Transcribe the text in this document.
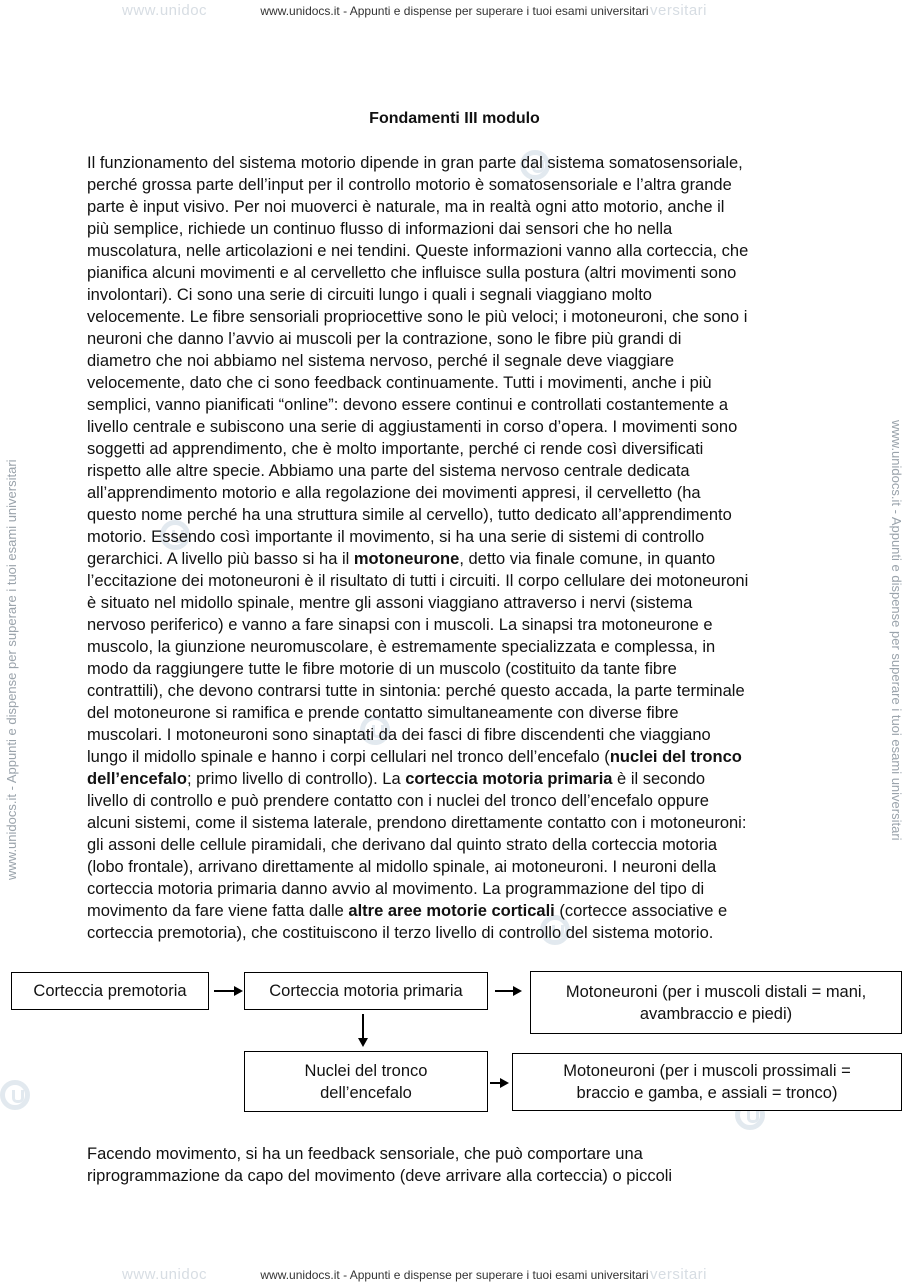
www.unidoc	www.unidocs.it - Appunti e dispense per superare i tuoi esami universitari versitari
www.unidocs.it - Appunti e dispense per superare i tuoi esami universitari	www.unidocs.it - Appunti e dispense per superare i tuoi esami universitari
Fondamenti III modulo
Il funzionamento del sistema motorio dipende in gran parte dal sistema somatosensoriale,
perché grossa parte dell’input per il controllo motorio è somatosensoriale e l’altra grande
parte è input visivo. Per noi muoverci è naturale, ma in realtà ogni atto motorio, anche il
più semplice, richiede un continuo flusso di informazioni dai sensori che ho nella
muscolatura, nelle articolazioni e nei tendini. Queste informazioni vanno alla corteccia, che
pianifica alcuni movimenti e al cervelletto che influisce sulla postura (altri movimenti sono
involontari). Ci sono una serie di circuiti lungo i quali i segnali viaggiano molto
velocemente. Le fibre sensoriali propriocettive sono le più veloci; i motoneuroni, che sono i
neuroni che danno l’avvio ai muscoli per la contrazione, sono le fibre più grandi di
diametro che noi abbiamo nel sistema nervoso, perché il segnale deve viaggiare
velocemente, dato che ci sono feedback continuamente. Tutti i movimenti, anche i più
semplici, vanno pianificati “online”: devono essere continui e controllati costantemente a
livello centrale e subiscono una serie di aggiustamenti in corso d’opera. I movimenti sono
soggetti ad apprendimento, che è molto importante, perché ci rende così diversificati
rispetto alle altre specie. Abbiamo una parte del sistema nervoso centrale dedicata
all’apprendimento motorio e alla regolazione dei movimenti appresi, il cervelletto (ha
questo nome perché ha una struttura simile al cervello), tutto dedicato all’apprendimento
motorio. Essendo così importante il movimento, si ha una serie di sistemi di controllo
gerarchici. A livello più basso si ha il motoneurone, detto via finale comune, in quanto
l’eccitazione dei motoneuroni è il risultato di tutti i circuiti. Il corpo cellulare dei motoneuroni
è situato nel midollo spinale, mentre gli assoni viaggiano attraverso i nervi (sistema
nervoso periferico) e vanno a fare sinapsi con i muscoli. La sinapsi tra motoneurone e
muscolo, la giunzione neuromuscolare, è estremamente specializzata e complessa, in
modo da raggiungere tutte le fibre motorie di un muscolo (costituito da tante fibre
contrattili), che devono contrarsi tutte in sintonia: perché questo accada, la parte terminale
del motoneurone si ramifica e prende contatto simultaneamente con diverse fibre
muscolari. I motoneuroni sono sinaptati da dei fasci di fibre discendenti che viaggiano
lungo il midollo spinale e hanno i corpi cellulari nel tronco dell’encefalo (nuclei del tronco
dell’encefalo; primo livello di controllo). La corteccia motoria primaria è il secondo
livello di controllo e può prendere contatto con i nuclei del tronco dell’encefalo oppure
alcuni sistemi, come il sistema laterale, prendono direttamente contatto con i motoneuroni:
gli assoni delle cellule piramidali, che derivano dal quinto strato della corteccia motoria
(lobo frontale), arrivano direttamente al midollo spinale, ai motoneuroni. I neuroni della
corteccia motoria primaria danno avvio al movimento. La programmazione del tipo di
movimento da fare viene fatta dalle altre aree motorie corticali (cortecce associative e
corteccia premotoria), che costituiscono il terzo livello di controllo del sistema motorio.
Corteccia premotoria	Corteccia motoria primaria	Motoneuroni (per i muscoli distali = mani,
avambraccio e piedi)
Nuclei del tronco
dell’encefalo
Motoneuroni (per i muscoli prossimali =
braccio e gamba, e assiali = tronco)
Facendo movimento, si ha un feedback sensoriale, che può comportare una
riprogrammazione da capo del movimento (deve arrivare alla corteccia) o piccoli
www.unidoc	www.unidocs.it - Appunti e dispense per superare i tuoi esami universitari versitari
